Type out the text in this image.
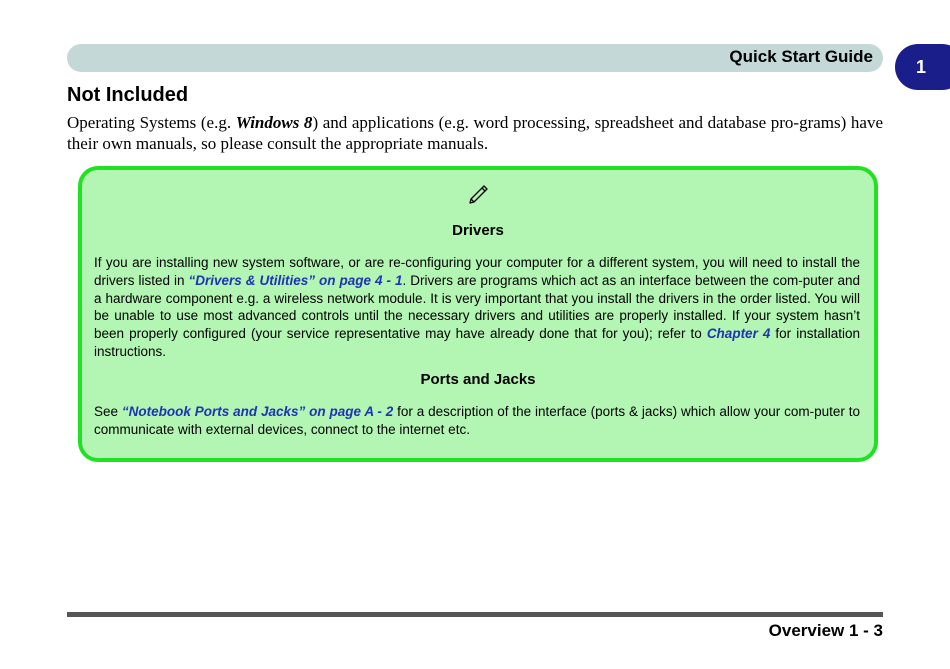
Quick Start Guide
1
Not Included

Operating Systems (e.g. Windows 8) and applications (e.g. word processing, spreadsheet and database pro-grams) have their own manuals, so please consult the appropriate manuals.

Drivers

If you are installing new system software, or are re-configuring your computer for a different system, you will need to install the drivers listed in “Drivers & Utilities” on page 4 - 1. Drivers are programs which act as an interface between the com-puter and a hardware component e.g. a wireless network module. It is very important that you install the drivers in the order listed. You will be unable to use most advanced controls until the necessary drivers and utilities are properly installed. If your system hasn’t been properly configured (your service representative may have already done that for you); refer to Chapter 4 for installation instructions.

Ports and Jacks

See “Notebook Ports and Jacks” on page A - 2 for a description of the interface (ports & jacks) which allow your com-puter to communicate with external devices, connect to the internet etc.

Overview 1 - 3
